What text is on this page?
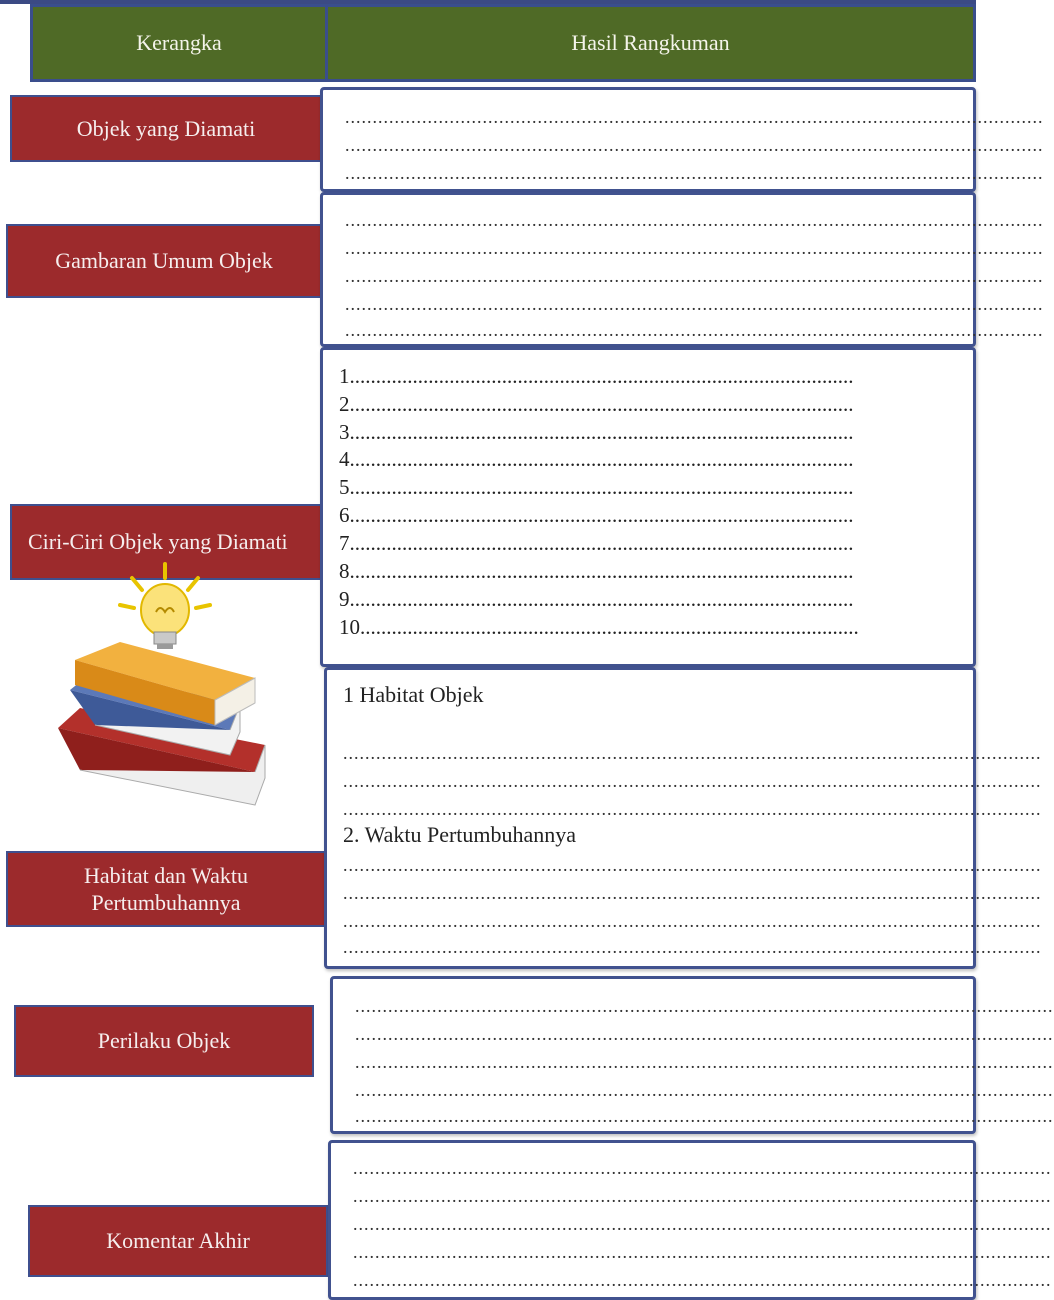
Kerangka	Hasil Rangkuman
Objek yang Diamati	...............................................................................................................................
...............................................................................................................................
...............................................................................................................................
Gambaran Umum Objek
...............................................................................................................................
...............................................................................................................................
...............................................................................................................................
...............................................................................................................................
...............................................................................................................................
Ciri-Ciri Objek yang Diamati
1................................................................................................
2................................................................................................
3................................................................................................
4................................................................................................
5................................................................................................
6................................................................................................
7................................................................................................
8................................................................................................
9................................................................................................
10...............................................................................................
Habitat dan Waktu Pertumbuhannya
1 Habitat Objek
...............................................................................................................................
...............................................................................................................................
...............................................................................................................................
2. Waktu Pertumbuhannya
...............................................................................................................................
...............................................................................................................................
...............................................................................................................................
...............................................................................................................................
Perilaku Objek
...............................................................................................................................
...............................................................................................................................
...............................................................................................................................
...............................................................................................................................
...............................................................................................................................
Komentar Akhir
...............................................................................................................................
...............................................................................................................................
...............................................................................................................................
...............................................................................................................................
...............................................................................................................................
